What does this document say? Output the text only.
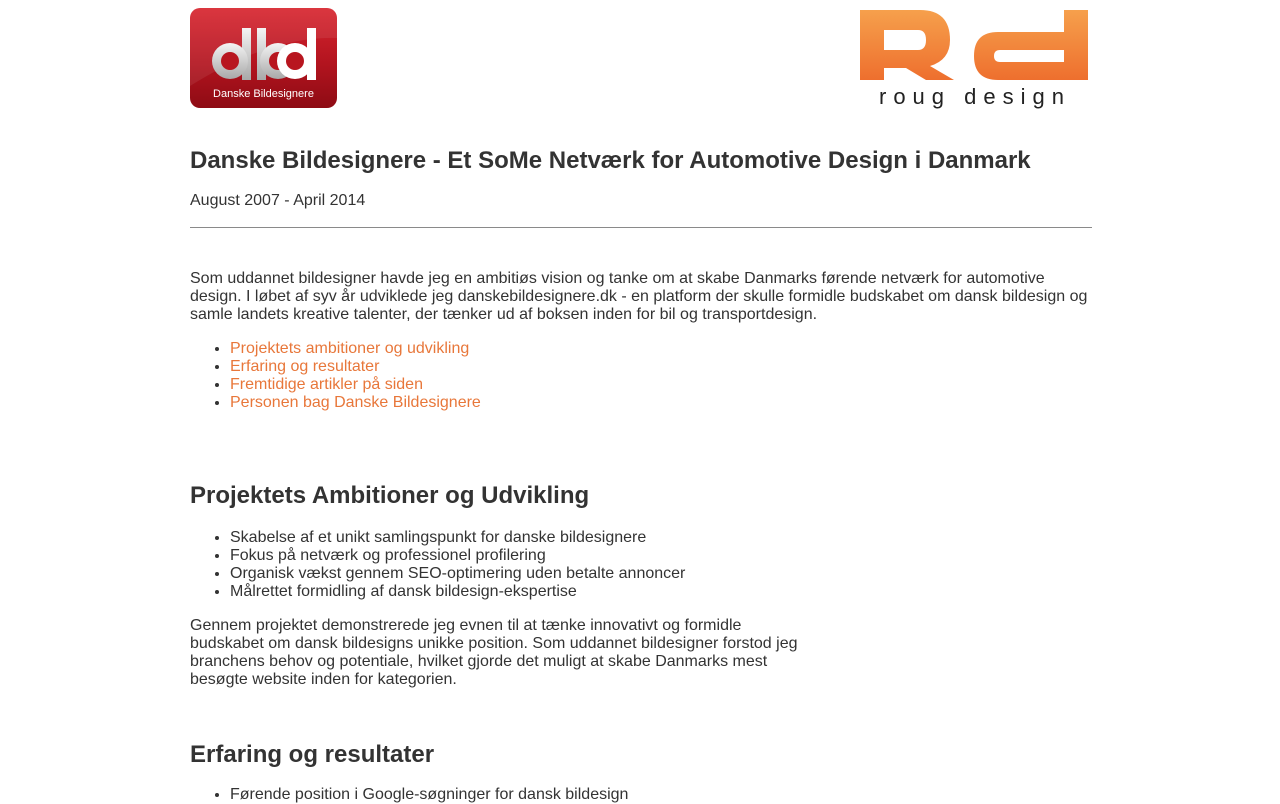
Danske Bildesignere	roug design
Danske Bildesignere - Et SoMe Netværk for Automotive Design i Danmark
August 2007 - April 2014

Som uddannet bildesigner havde jeg en ambitiøs vision og tanke om at skabe Danmarks førende netværk for automotive design. I løbet af syv år udviklede jeg danskebildesignere.dk - en platform der skulle formidle budskabet om dansk bildesign og samle landets kreative talenter, der tænker ud af boksen inden for bil og transportdesign.

• Projektets ambitioner og udvikling
• Erfaring og resultater
• Fremtidige artikler på siden
• Personen bag Danske Bildesignere
Projektets Ambitioner og Udvikling
• Skabelse af et unikt samlingspunkt for danske bildesignere
• Fokus på netværk og professionel profilering
• Organisk vækst gennem SEO-optimering uden betalte annoncer
• Målrettet formidling af dansk bildesign-ekspertise

Gennem projektet demonstrerede jeg evnen til at tænke innovativt og formidle budskabet om dansk bildesigns unikke position. Som uddannet bildesigner forstod jeg branchens behov og potentiale, hvilket gjorde det muligt at skabe Danmarks mest besøgte website inden for kategorien.

Erfaring og resultater
• Førende position i Google-søgninger for dansk bildesign
